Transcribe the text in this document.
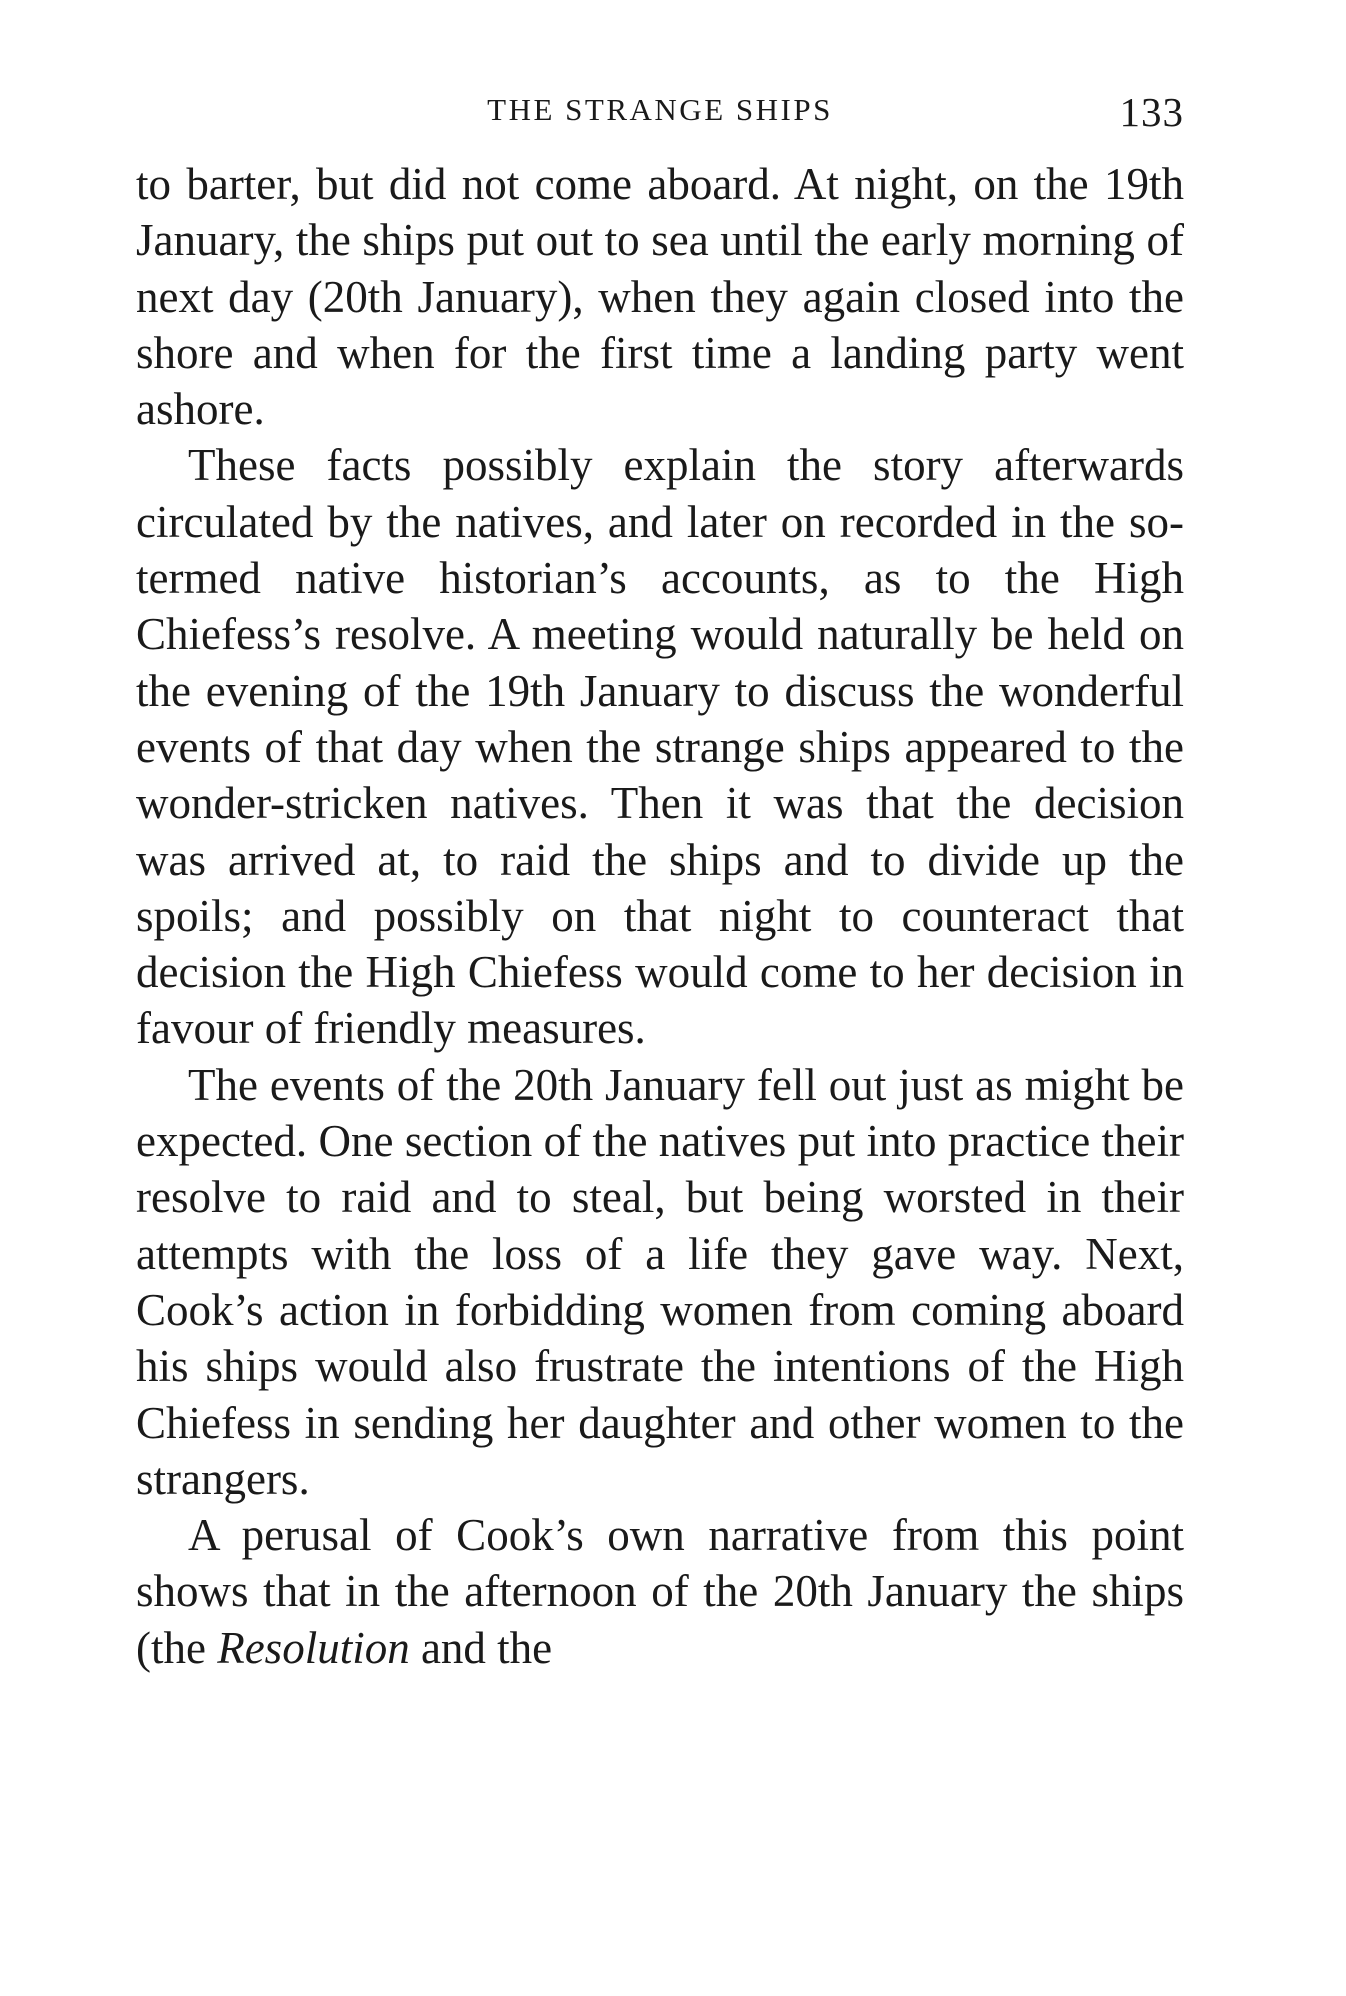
THE STRANGE SHIPS	133

to barter, but did not come aboard. At night, on the 19th January, the ships put out to sea until the early morning of next day (20th January), when they again closed into the shore and when for the first time a landing party went ashore.

These facts possibly explain the story afterwards circulated by the natives, and later on recorded in the so-termed native historian’s accounts, as to the High Chiefess’s resolve. A meeting would naturally be held on the evening of the 19th January to discuss the wonderful events of that day when the strange ships appeared to the wonder-stricken natives. Then it was that the decision was arrived at, to raid the ships and to divide up the spoils; and possibly on that night to counteract that decision the High Chiefess would come to her decision in favour of friendly measures.

The events of the 20th January fell out just as might be expected. One section of the natives put into practice their resolve to raid and to steal, but being worsted in their attempts with the loss of a life they gave way. Next, Cook’s action in forbidding women from coming aboard his ships would also frustrate the intentions of the High Chiefess in sending her daughter and other women to the strangers.

A perusal of Cook’s own narrative from this point shows that in the afternoon of the 20th January the ships (the Resolution and the
